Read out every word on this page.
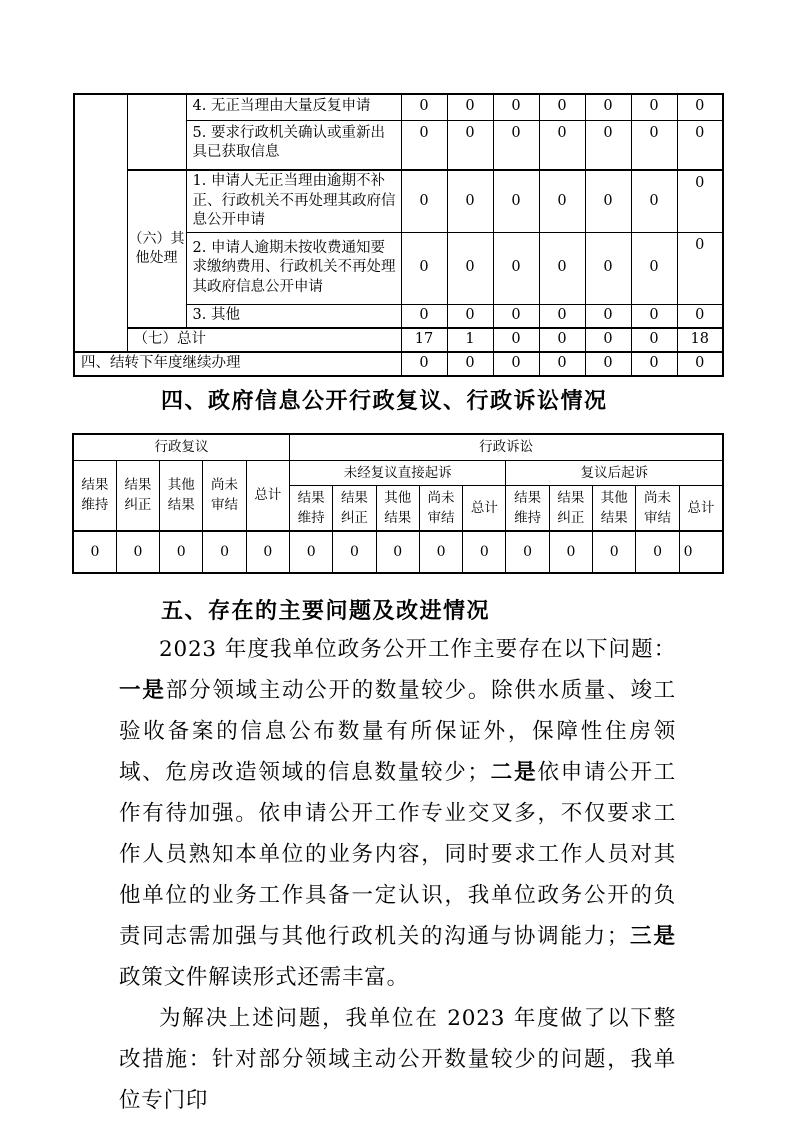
		4. 无正当理由大量反复申请	0	0	0	0	0	0	0
		5. 要求行政机关确认或重新出具已获取信息	0	0	0	0	0	0	0
	（六）其他处理	1. 申请人无正当理由逾期不补正、行政机关不再处理其政府信息公开申请	0	0	0	0	0	0	0
		2. 申请人逾期未按收费通知要求缴纳费用、行政机关不再处理其政府信息公开申请	0	0	0	0	0	0	0
		3. 其他	0	0	0	0	0	0	0
	（七）总计		17	1	0	0	0	0	18
四、结转下年度继续办理			0	0	0	0	0	0	0
四、政府信息公开行政复议、行政诉讼情况
行政复议					行政诉讼									
结果维持	结果纠正	其他结果	尚未审结	总计	未经复议直接起诉					复议后起诉				
					结果维持	结果纠正	其他结果	尚未审结	总计	结果维持	结果纠正	其他结果	尚未审结	总计
0	0	0	0	0	0	0	0	0	0	0	0	0	0	0
五、存在的主要问题及改进情况

2023 年度我单位政务公开工作主要存在以下问题：一是部分领域主动公开的数量较少。除供水质量、竣工验收备案的信息公布数量有所保证外，保障性住房领域、危房改造领域的信息数量较少；二是依申请公开工作有待加强。依申请公开工作专业交叉多，不仅要求工作人员熟知本单位的业务内容，同时要求工作人员对其他单位的业务工作具备一定认识，我单位政务公开的负责同志需加强与其他行政机关的沟通与协调能力；三是政策文件解读形式还需丰富。

为解决上述问题，我单位在 2023 年度做了以下整改措施：针对部分领域主动公开数量较少的问题，我单位专门印
